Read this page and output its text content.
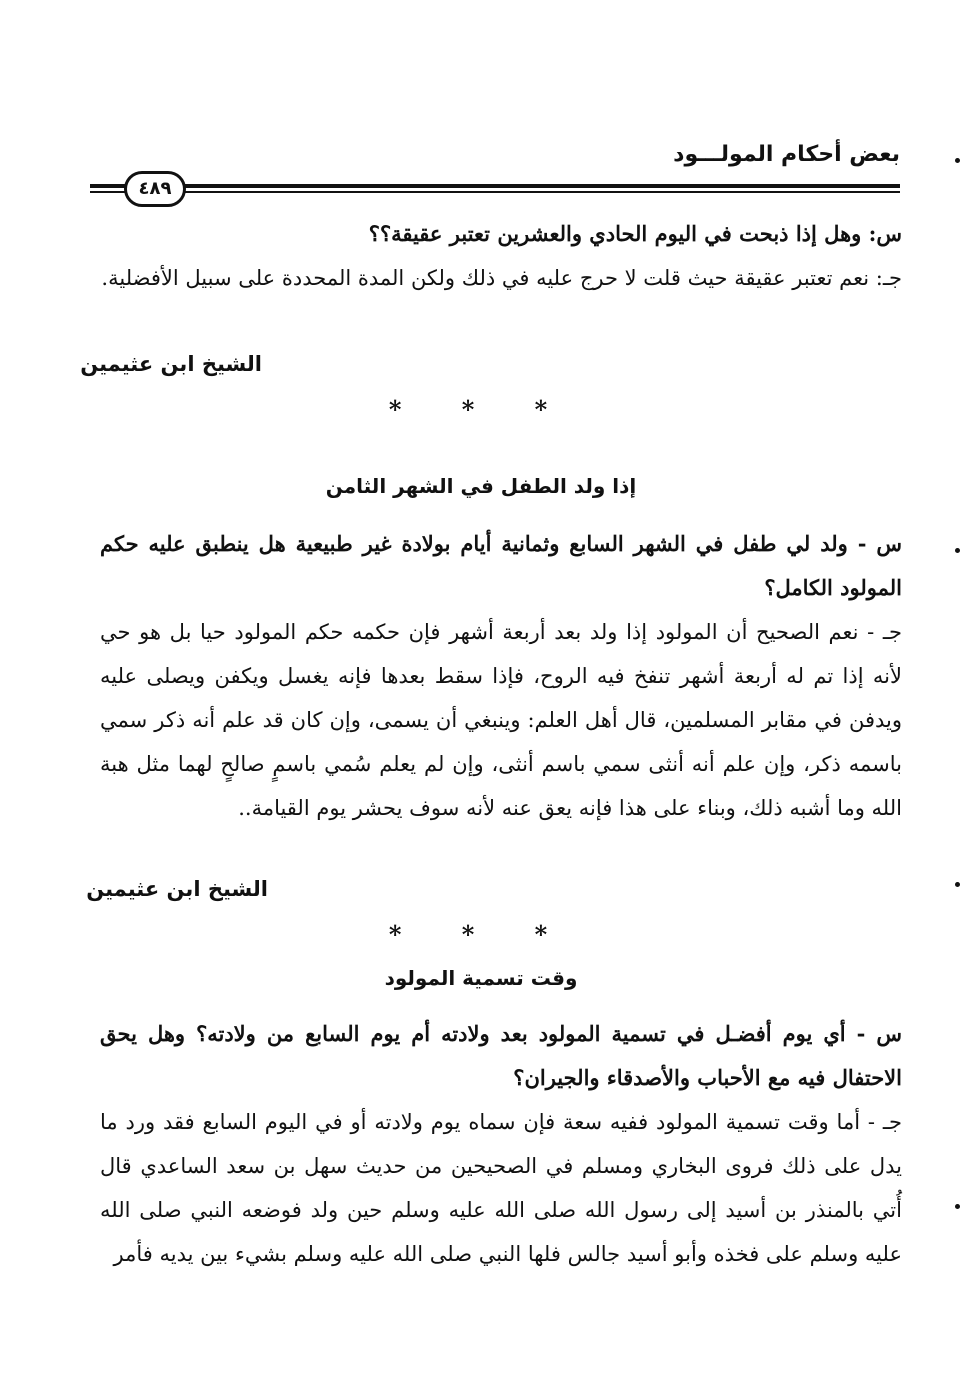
بعض أحكام المولـــود
٤٨٩
س: وهل إذا ذبحت في اليوم الحادي والعشرين تعتبر عقيقة؟؟
جـ: نعم تعتبر عقيقة حيث قلت لا حرج عليه في ذلك ولكن المدة المحددة على سبيل الأفضلية.
الشيخ ابن عثيمين
* * *
إذا ولد الطفل في الشهر الثامن
س - ولد لي طفل في الشهر السابع وثمانية أيام بولادة غير طبيعية هل ينطبق عليه حكم المولود الكامل؟
جـ - نعم الصحيح أن المولود إذا ولد بعد أربعة أشهر فإن حكمه حكم المولود حيا بل هو حي لأنه إذا تم له أربعة أشهر تنفخ فيه الروح، فإذا سقط بعدها فإنه يغسل ويكفن ويصلى عليه ويدفن في مقابر المسلمين، قال أهل العلم: وينبغي أن يسمى، وإن كان قد علم أنه ذكر سمي باسمه ذكر، وإن علم أنه أنثى سمي باسم أنثى، وإن لم يعلم سُمي باسمٍ صالحٍ لهما مثل هبة الله وما أشبه ذلك، وبناء على هذا فإنه يعق عنه لأنه سوف يحشر يوم القيامة..
الشيخ ابن عثيمين
* * *
وقت تسمية المولود
س - أي يوم أفضـل في تسمية المولود بعد ولادته أم يوم السابع من ولادته؟ وهل يحق الاحتفال فيه مع الأحباب والأصدقاء والجيران؟
جـ - أما وقت تسمية المولود ففيه سعة فإن سماه يوم ولادته أو في اليوم السابع فقد ورد ما يدل على ذلك فروى البخاري ومسلم في الصحيحين من حديث سهل بن سعد الساعدي قال أُتي بالمنذر بن أسيد إلى رسول الله صلى الله عليه وسلم حين ولد فوضعه النبي صلى الله عليه وسلم على فخذه وأبو أسيد جالس فلها النبي صلى الله عليه وسلم بشيء بين يديه فأمر
